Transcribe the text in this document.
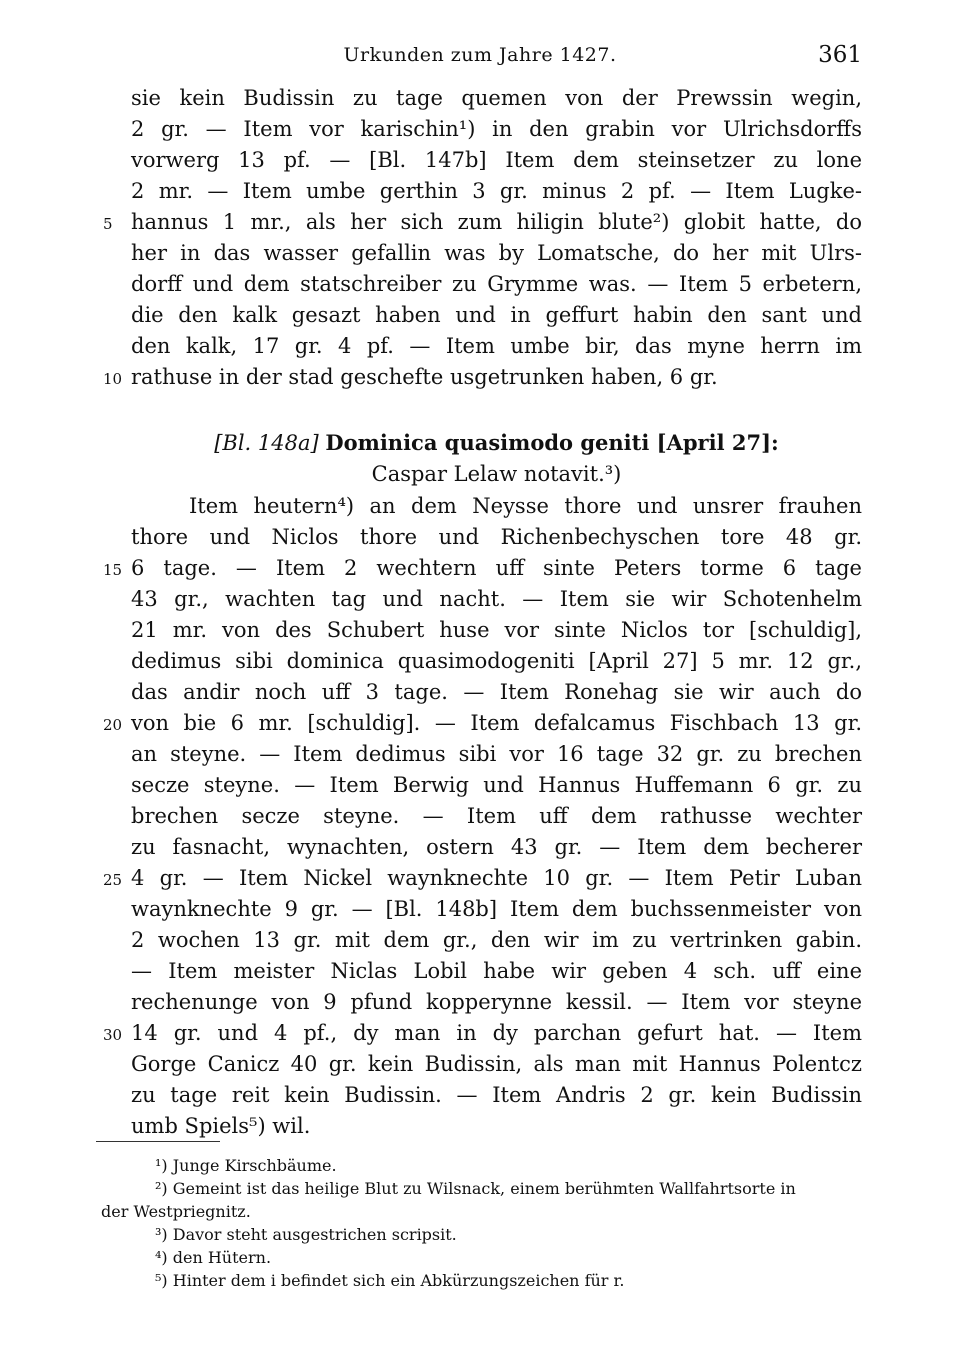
Urkunden zum Jahre 1427.	361
sie kein Budissin zu tage quemen von der Prewssin wegin,
2 gr. — Item vor karischin¹) in den grabin vor Ulrichsdorffs
vorwerg 13 pf. — [Bl. 147b] Item dem steinsetzer zu lone
2 mr. — Item umbe gerthin 3 gr. minus 2 pf. — Item Lugke-
hannus 1 mr., als her sich zum hiligin blute²) globit hatte, do
her in das wasser gefallin was by Lomatsche, do her mit Ulrs-
dorff und dem statschreiber zu Grymme was. — Item 5 erbetern,
die den kalk gesazt haben und in geffurt habin den sant und
den kalk, 17 gr. 4 pf. — Item umbe bir, das myne herrn im
rathuse in der stad geschefte usgetrunken haben, 6 gr.
[Bl. 148a] Dominica quasimodo geniti [April 27]:
Caspar Lelaw notavit.³)
Item heutern⁴) an dem Neysse thore und unsrer frauhen
thore und Niclos thore und Richenbechyschen tore 48 gr.
6 tage. — Item 2 wechtern uff sinte Peters torme 6 tage
43 gr., wachten tag und nacht. — Item sie wir Schotenhelm
21 mr. von des Schubert huse vor sinte Niclos tor [schuldig],
dedimus sibi dominica quasimodogeniti [April 27] 5 mr. 12 gr.,
das andir noch uff 3 tage. — Item Ronehag sie wir auch do
von bie 6 mr. [schuldig]. — Item defalcamus Fischbach 13 gr.
an steyne. — Item dedimus sibi vor 16 tage 32 gr. zu brechen
secze steyne. — Item Berwig und Hannus Huffemann 6 gr. zu
brechen secze steyne. — Item uff dem rathusse wechter
zu fasnacht, wynachten, ostern 43 gr. — Item dem becherer
4 gr. — Item Nickel waynknechte 10 gr. — Item Petir Luban
waynknechte 9 gr. — [Bl. 148b] Item dem buchssenmeister von
2 wochen 13 gr. mit dem gr., den wir im zu vertrinken gabin.
— Item meister Niclas Lobil habe wir geben 4 sch. uff eine
rechenunge von 9 pfund kopperynne kessil. — Item vor steyne
14 gr. und 4 pf., dy man in dy parchan gefurt hat. — Item
Gorge Canicz 40 gr. kein Budissin, als man mit Hannus Polentcz
zu tage reit kein Budissin. — Item Andris 2 gr. kein Budissin
umb Spiels⁵) wil.
5
10
15
20
25
30
¹) Junge Kirschbäume.
²) Gemeint ist das heilige Blut zu Wilsnack, einem berühmten Wallfahrtsorte in
der Westpriegnitz.
³) Davor steht ausgestrichen scripsit.
⁴) den Hütern.
⁵) Hinter dem i befindet sich ein Abkürzungszeichen für r.
